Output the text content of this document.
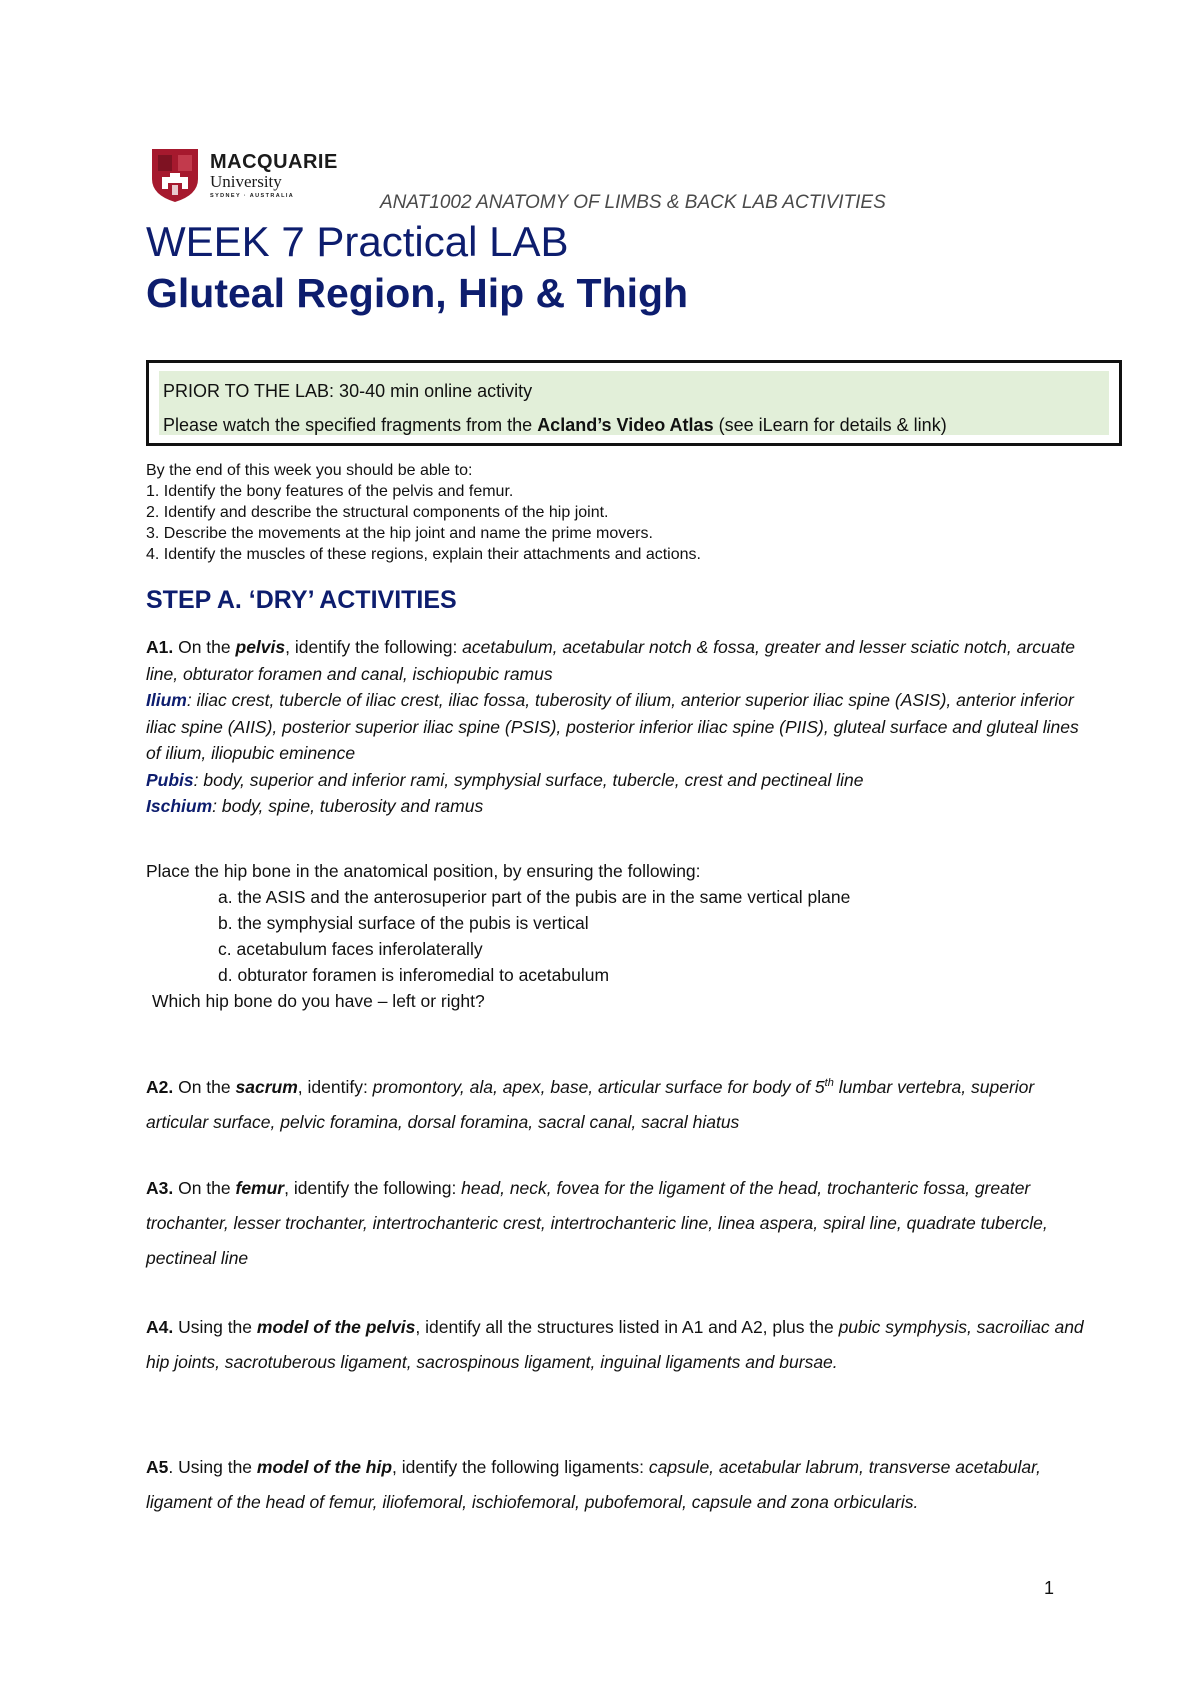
MACQUARIE
University
SYDNEY · AUSTRALIA	ANAT1002 ANATOMY OF LIMBS & BACK LAB ACTIVITIES
WEEK 7 Practical LAB
Gluteal Region, Hip & Thigh
PRIOR TO THE LAB: 30-40 min online activity
Please watch the specified fragments from the Acland’s Video Atlas (see iLearn for details & link)
By the end of this week you should be able to:
1. Identify the bony features of the pelvis and femur.
2. Identify and describe the structural components of the hip joint.
3. Describe the movements at the hip joint and name the prime movers.
4. Identify the muscles of these regions, explain their attachments and actions.
STEP A. ‘DRY’ ACTIVITIES
A1. On the pelvis, identify the following: acetabulum, acetabular notch & fossa, greater and lesser sciatic notch, arcuate line, obturator foramen and canal, ischiopubic ramus
Ilium: iliac crest, tubercle of iliac crest, iliac fossa, tuberosity of ilium, anterior superior iliac spine (ASIS), anterior inferior iliac spine (AIIS), posterior superior iliac spine (PSIS), posterior inferior iliac spine (PIIS), gluteal surface and gluteal lines of ilium, iliopubic eminence
Pubis: body, superior and inferior rami, symphysial surface, tubercle, crest and pectineal line
Ischium: body, spine, tuberosity and ramus
Place the hip bone in the anatomical position, by ensuring the following:
a. the ASIS and the anterosuperior part of the pubis are in the same vertical plane
b. the symphysial surface of the pubis is vertical
c. acetabulum faces inferolaterally
d. obturator foramen is inferomedial to acetabulum
Which hip bone do you have – left or right?
A2. On the sacrum, identify: promontory, ala, apex, base, articular surface for body of 5th lumbar vertebra, superior articular surface, pelvic foramina, dorsal foramina, sacral canal, sacral hiatus
A3. On the femur, identify the following: head, neck, fovea for the ligament of the head, trochanteric fossa, greater trochanter, lesser trochanter, intertrochanteric crest, intertrochanteric line, linea aspera, spiral line, quadrate tubercle, pectineal line
A4. Using the model of the pelvis, identify all the structures listed in A1 and A2, plus the pubic symphysis, sacroiliac and hip joints, sacrotuberous ligament, sacrospinous ligament, inguinal ligaments and bursae.
A5. Using the model of the hip, identify the following ligaments: capsule, acetabular labrum, transverse acetabular, ligament of the head of femur, iliofemoral, ischiofemoral, pubofemoral, capsule and zona orbicularis.
1
